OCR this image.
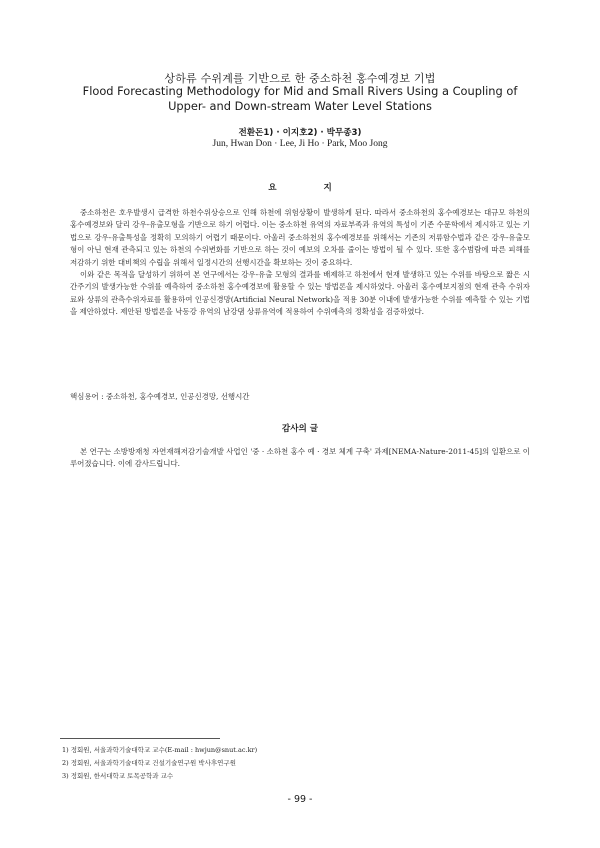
상하류 수위계를 기반으로 한 중소하천 홍수예경보 기법
Flood Forecasting Methodology for Mid and Small Rivers Using a Coupling of Upper- and Down-stream Water Level Stations
전환돈1) · 이지호2) · 박무종3)
Jun, Hwan Don · Lee, Ji Ho · Park, Moo Jong
요 지

중소하천은 호우발생시 급격한 하천수위상승으로 인해 하천에 위험상황이 발생하게 된다. 따라서 중소하천의 홍수예경보는 대규모 하천의 홍수예경보와 달리 강우-유출모형을 기반으로 하기 어렵다. 이는 중소하천 유역의 자료부족과 유역의 특성이 기존 수문학에서 제시하고 있는 기법으로 강우-유출특성을 정확히 모의하기 어렵기 때문이다. 아울러 중소하천의 홍수예경보를 위해서는 기존의 저류함수법과 같은 강우-유출모형이 아닌 현재 관측되고 있는 하천의 수위변화를 기반으로 하는 것이 예보의 오차를 줄이는 방법이 될 수 있다. 또한 홍수범람에 따른 피해를 저감하기 위한 대비책의 수립을 위해서 일정시간의 선행시간을 확보하는 것이 중요하다.

이와 같은 목적을 달성하기 위하여 본 연구에서는 강우-유출 모형의 결과를 배제하고 하천에서 현재 발생하고 있는 수위를 바탕으로 짧은 시간주기의 발생가능한 수위를 예측하여 중소하천 홍수예경보에 활용할 수 있는 방법론을 제시하였다. 아울러 홍수예보지점의 현재 관측 수위자료와 상류의 관측수위자료를 활용하여 인공신경망(Artificial Neural Network)을 적용 30분 이내에 발생가능한 수위를 예측할 수 있는 기법을 제안하였다. 제안된 방법론을 낙동강 유역의 남강댐 상류유역에 적용하여 수위예측의 정확성을 검증하였다.

핵심용어 : 중소하천, 홍수예경보, 인공신경망, 선행시간
감사의 글

본 연구는 소방방재청 자연재해저감기술개발 사업인 '중 · 소하천 홍수 예 · 경보 체계 구축' 과제[NEMA-Nature-2011-45]의 일환으로 이루어졌습니다. 이에 감사드립니다.

1) 정회원, 서울과학기술대학교 교수(E-mail : hwjun@snut.ac.kr)
2) 정회원, 서울과학기술대학교 건설기술연구원 박사후연구원
3) 정회원, 한서대학교 토목공학과 교수
- 99 -
